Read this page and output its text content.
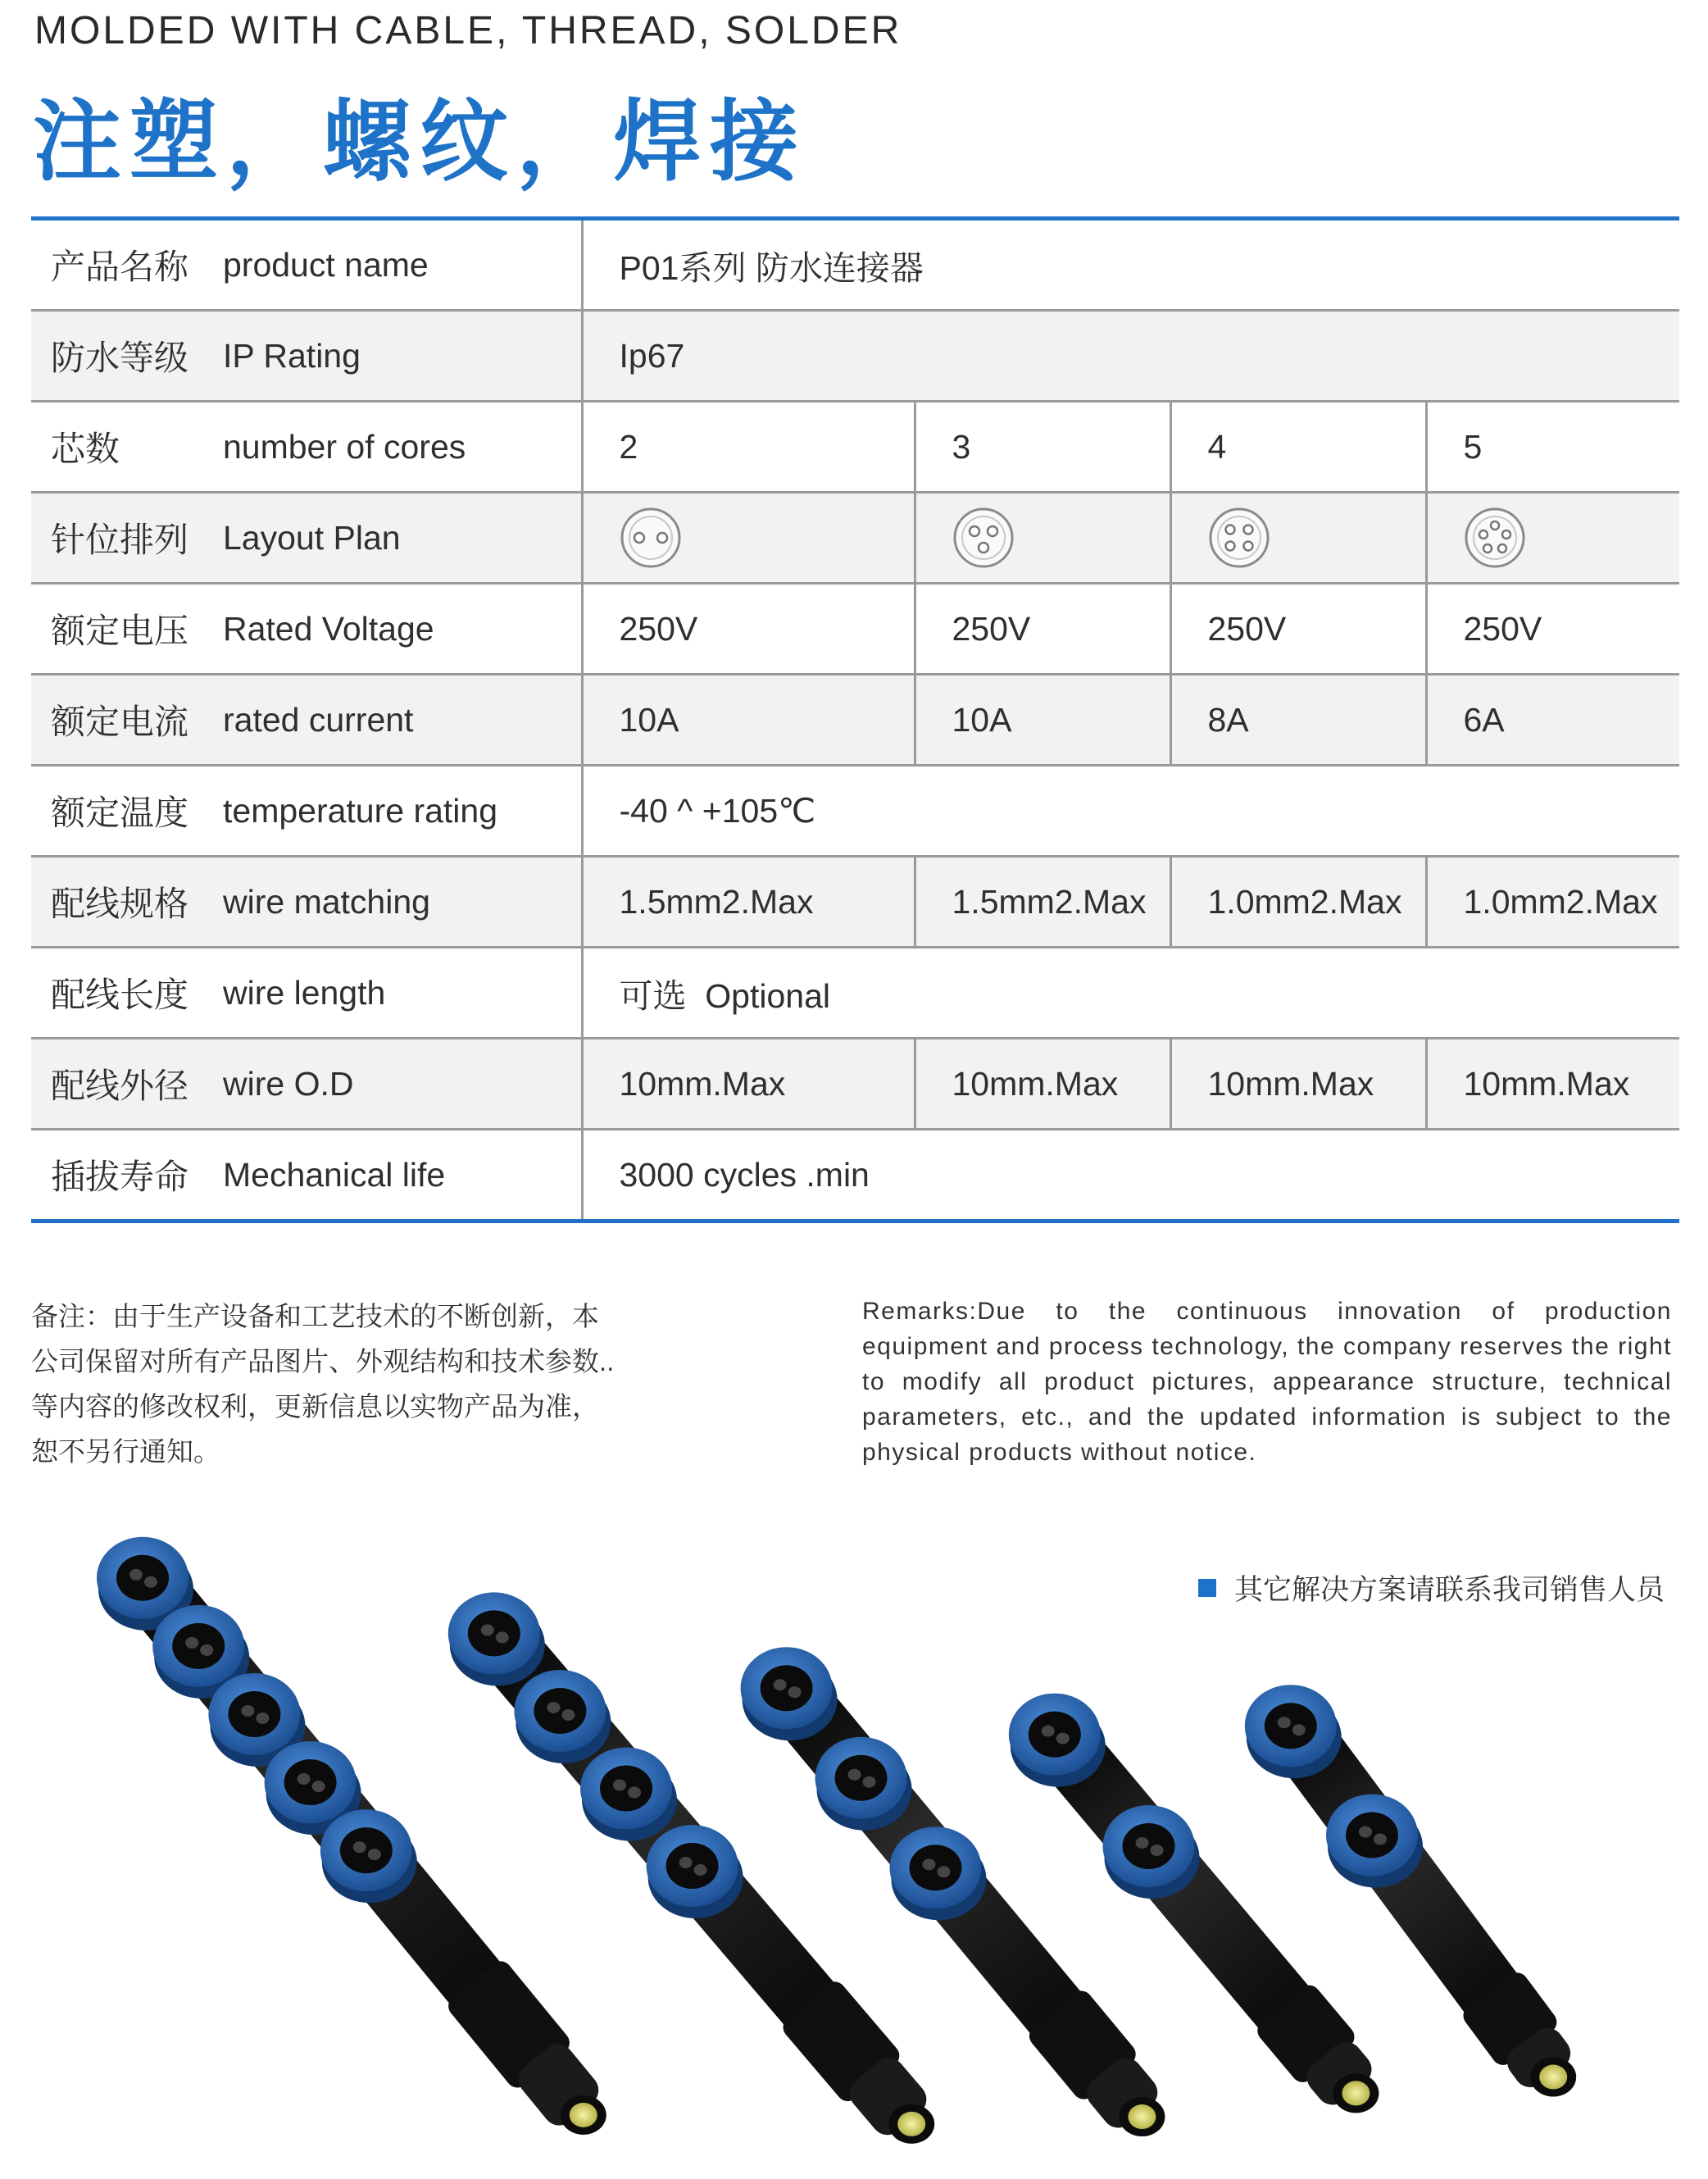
MOLDED WITH CABLE, THREAD, SOLDER
注塑，螺纹，焊接
产品名称	product name	P01系列 防水连接器			
防水等级	IP Rating	Ip67			
芯数	number of cores	2	3	4	5
针位排列	Layout Plan	

额定电压	Rated Voltage	250V	250V	250V	250V
额定电流	rated current	10A	10A	8A	6A
额定温度	temperature rating	-40 ^ +105℃			
配线规格	wire matching	1.5mm2.Max	1.5mm2.Max	1.0mm2.Max	1.0mm2.Max
配线长度	wire length	可选  Optional			
配线外径	wire O.D	10mm.Max	10mm.Max	10mm.Max	10mm.Max
插拔寿命	Mechanical life	3000 cycles .min			
备注：由于生产设备和工艺技术的不断创新，本公司保留对所有产品图片、外观结构和技术参数..等内容的修改权利，更新信息以实物产品为准，恕不另行通知。
Remarks:Due to the continuous innovation of production equipment and process technology, the company reserves the right to modify all product pictures, appearance structure, technical parameters, etc., and the updated information is subject to the physical products without notice.
其它解决方案请联系我司销售人员
